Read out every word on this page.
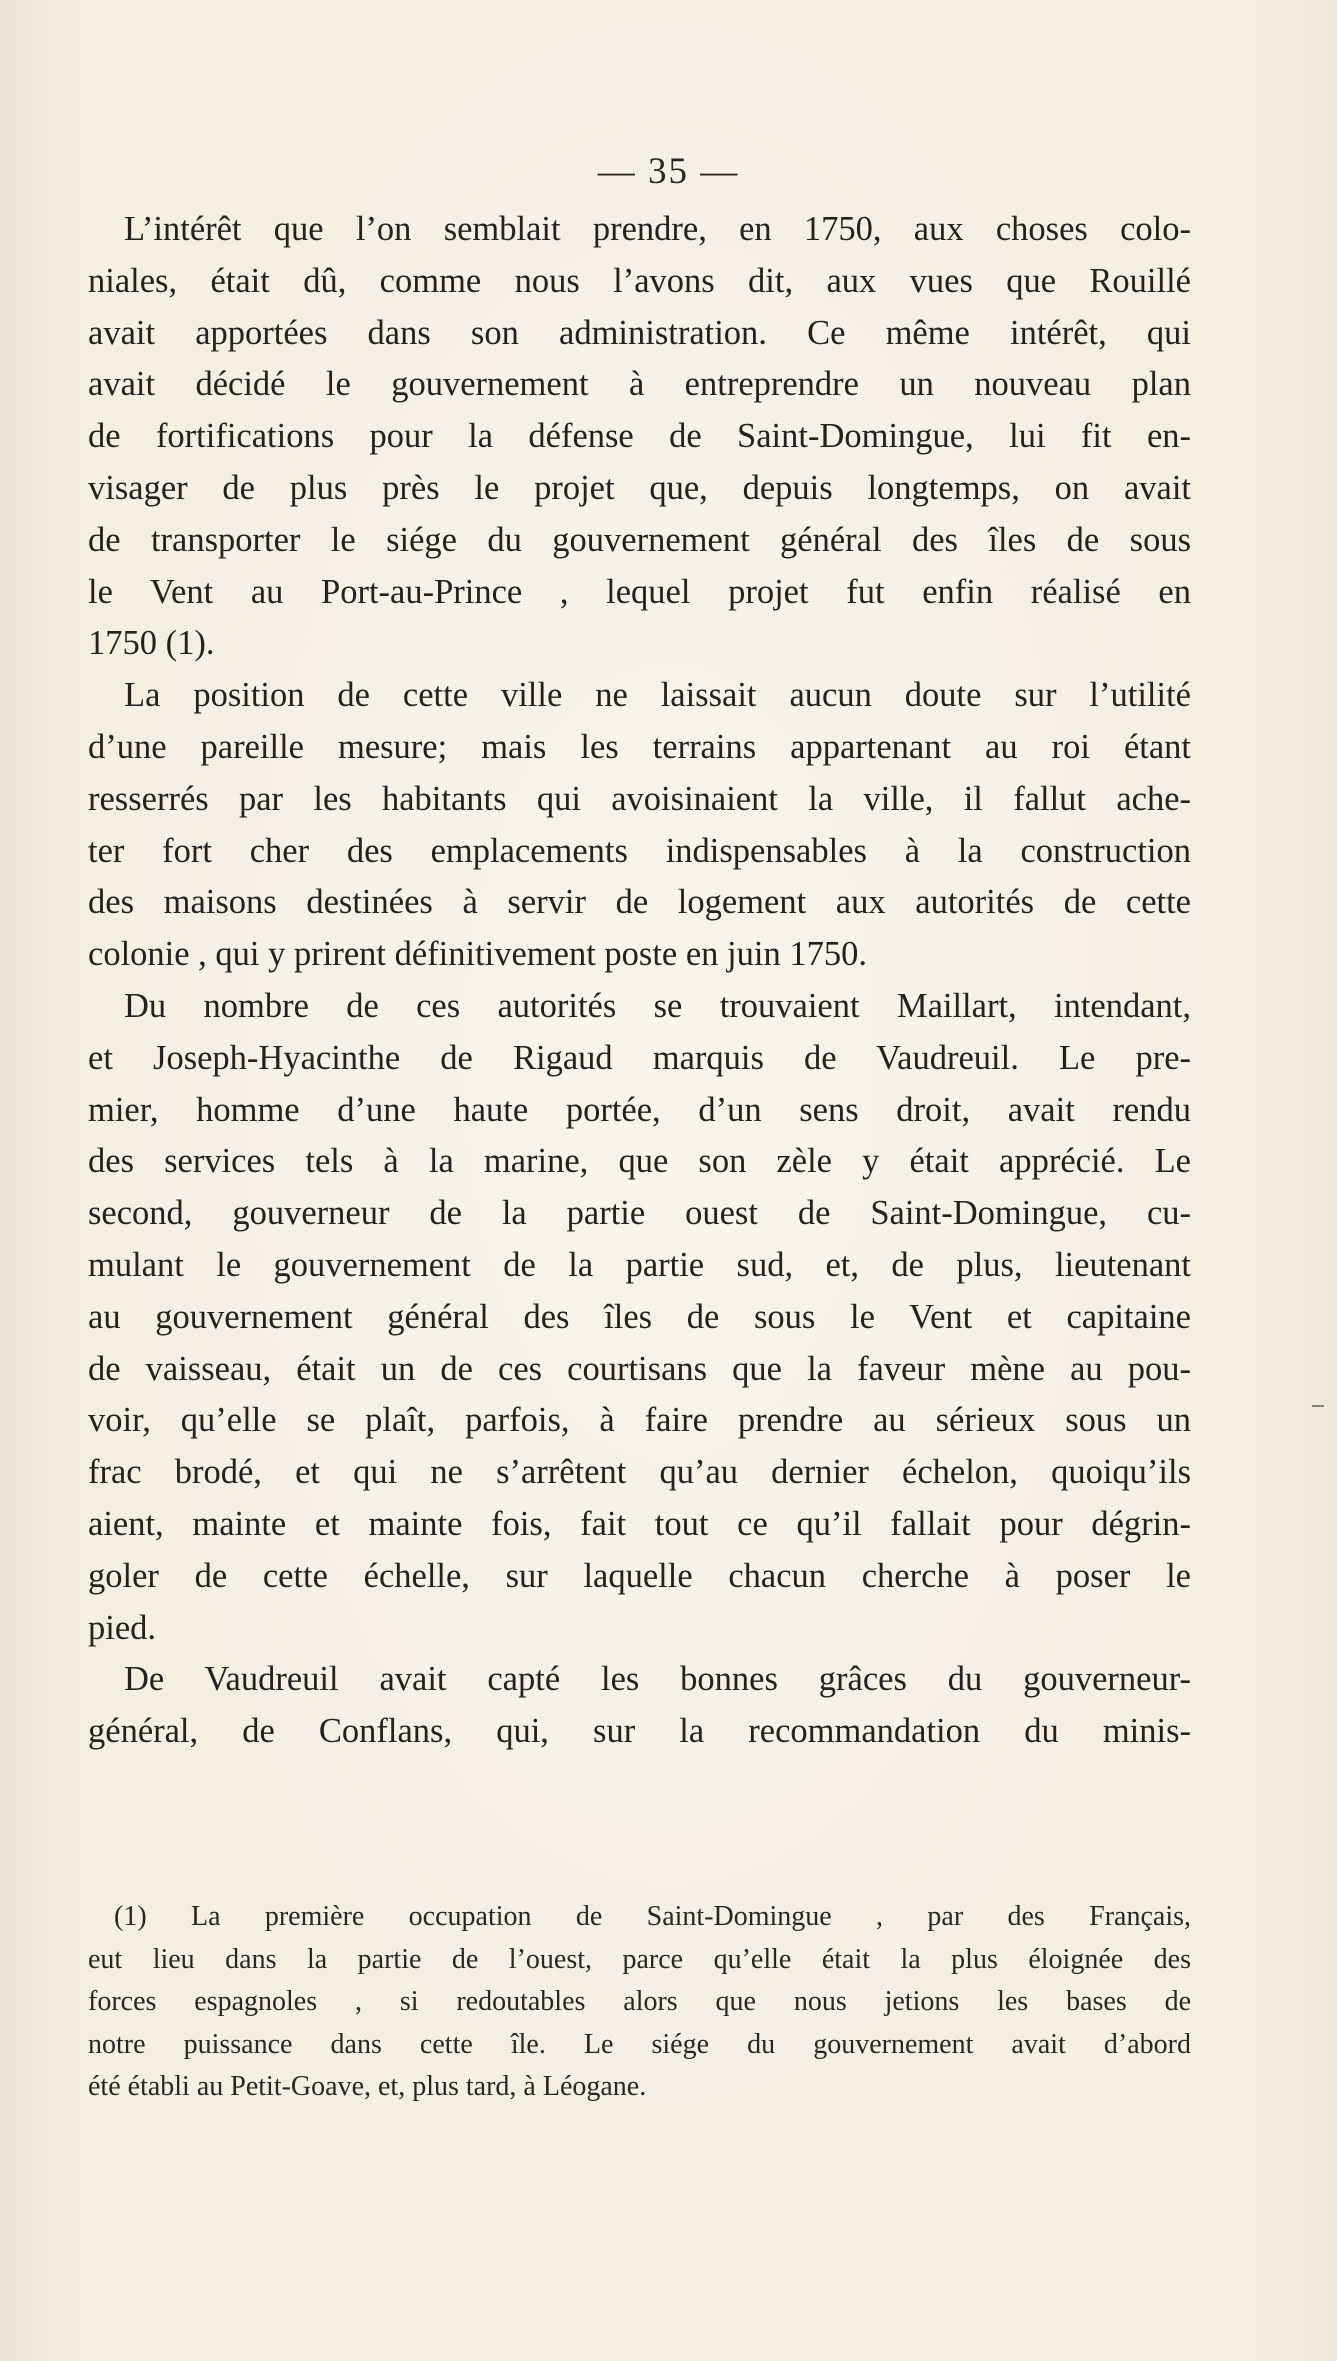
— 35 —

L’intérêt que l’on semblait prendre, en 1750, aux choses colo-
niales, était dû, comme nous l’avons dit, aux vues que Rouillé
avait apportées dans son administration. Ce même intérêt, qui
avait décidé le gouvernement à entreprendre un nouveau plan
de fortifications pour la défense de Saint-Domingue, lui fit en-
visager de plus près le projet que, depuis longtemps, on avait
de transporter le siége du gouvernement général des îles de sous
le Vent au Port-au-Prince , lequel projet fut enfin réalisé en
1750 (1).

La position de cette ville ne laissait aucun doute sur l’utilité
d’une pareille mesure; mais les terrains appartenant au roi étant
resserrés par les habitants qui avoisinaient la ville, il fallut ache-
ter fort cher des emplacements indispensables à la construction
des maisons destinées à servir de logement aux autorités de cette
colonie , qui y prirent définitivement poste en juin 1750.

Du nombre de ces autorités se trouvaient Maillart, intendant,
et Joseph-Hyacinthe de Rigaud marquis de Vaudreuil. Le pre-
mier, homme d’une haute portée, d’un sens droit, avait rendu
des services tels à la marine, que son zèle y était apprécié. Le
second, gouverneur de la partie ouest de Saint-Domingue, cu-
mulant le gouvernement de la partie sud, et, de plus, lieutenant
au gouvernement général des îles de sous le Vent et capitaine
de vaisseau, était un de ces courtisans que la faveur mène au pou-
voir, qu’elle se plaît, parfois, à faire prendre au sérieux sous un
frac brodé, et qui ne s’arrêtent qu’au dernier échelon, quoiqu’ils
aient, mainte et mainte fois, fait tout ce qu’il fallait pour dégrin-
goler de cette échelle, sur laquelle chacun cherche à poser le
pied.

De Vaudreuil avait capté les bonnes grâces du gouverneur-
général, de Conflans, qui, sur la recommandation du minis-

(1) La première occupation de Saint-Domingue , par des Français,
eut lieu dans la partie de l’ouest, parce qu’elle était la plus éloignée des
forces espagnoles , si redoutables alors que nous jetions les bases de
notre puissance dans cette île. Le siége du gouvernement avait d’abord
été établi au Petit-Goave, et, plus tard, à Léogane.
